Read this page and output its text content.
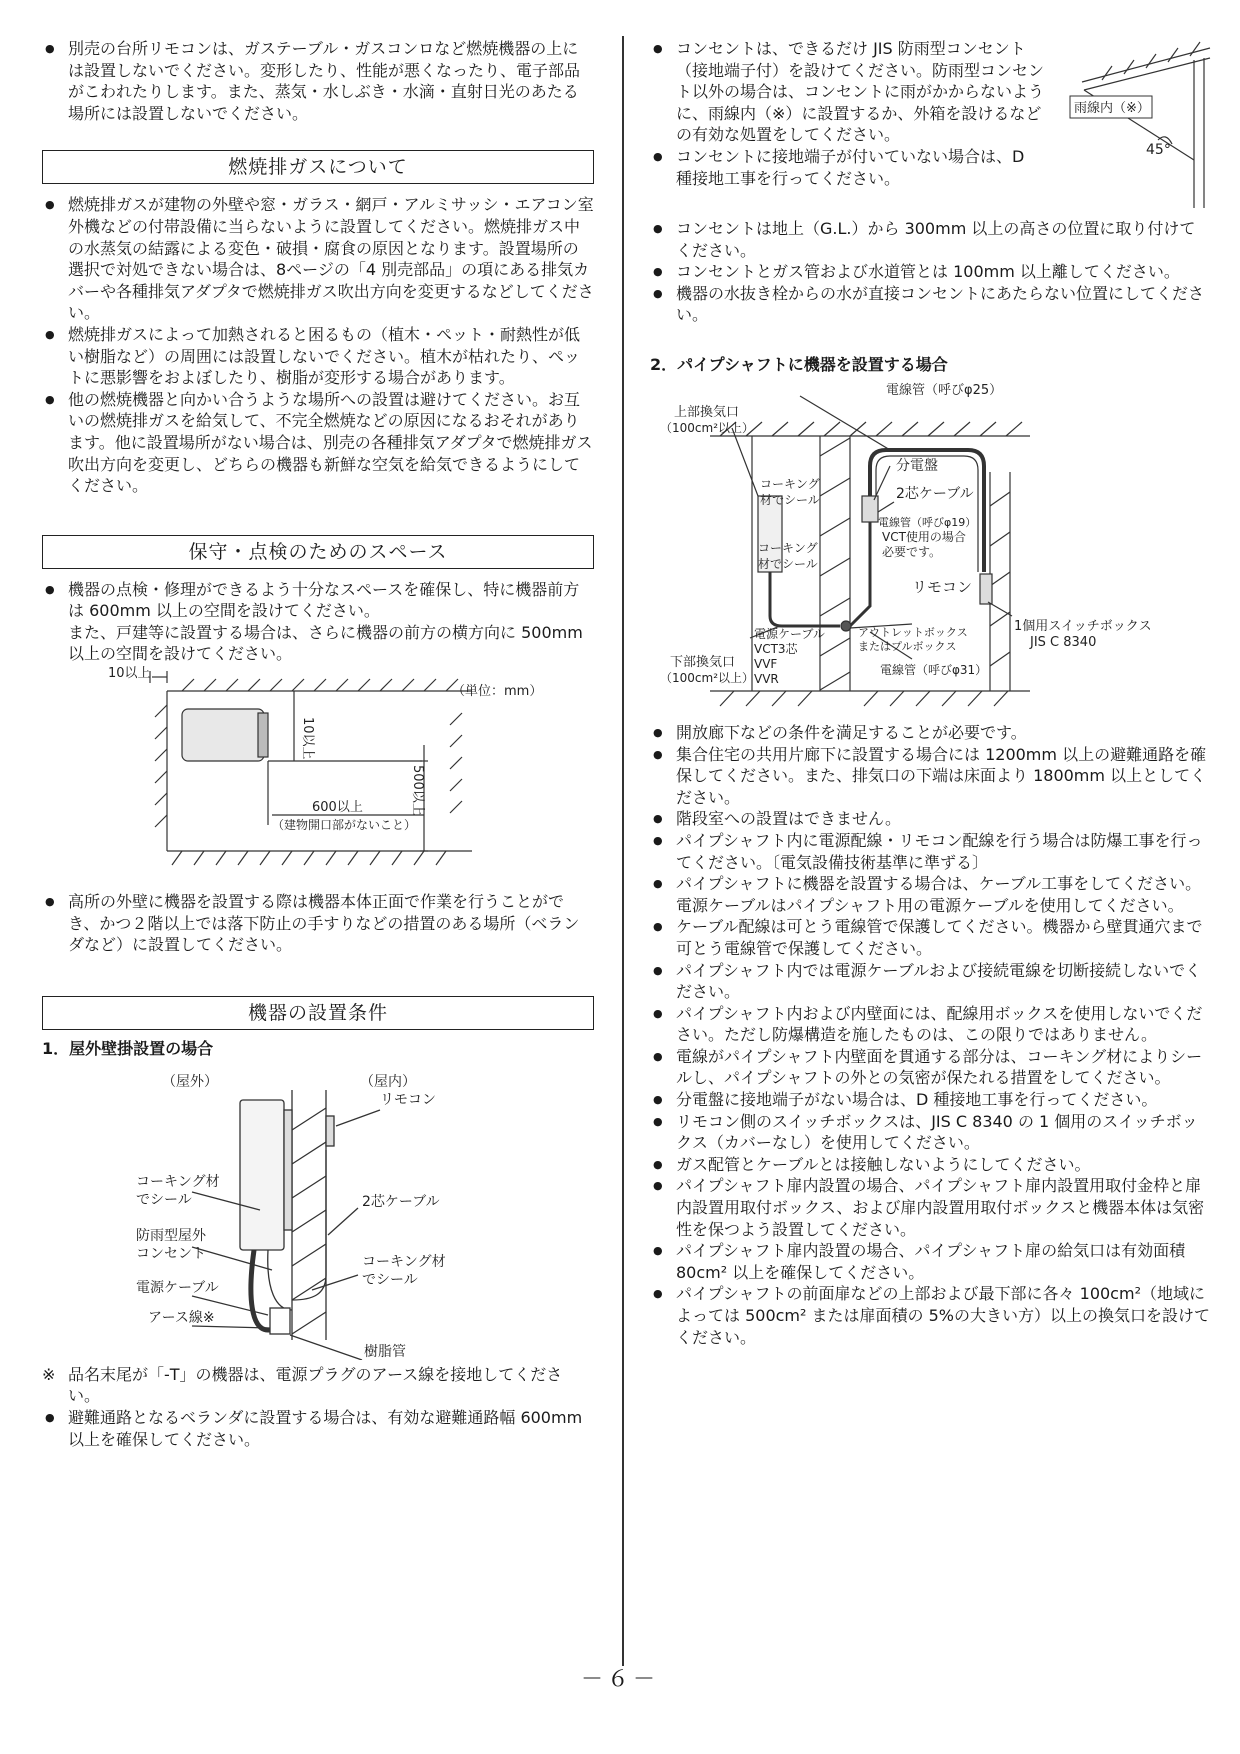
● 別売の台所リモコンは、ガステーブル・ガスコンロなど燃焼機器の上には設置しないでください。変形したり、性能が悪くなったり、電子部品がこわれたりします。また、蒸気・水しぶき・水滴・直射日光のあたる場所には設置しないでください。
燃焼排ガスについて
● 燃焼排ガスが建物の外壁や窓・ガラス・網戸・アルミサッシ・エアコン室外機などの付帯設備に当らないように設置してください。燃焼排ガス中の水蒸気の結露による変色・破損・腐食の原因となります。設置場所の選択で対処できない場合は、8ページの「4 別売部品」の項にある排気カバーや各種排気アダプタで燃焼排ガス吹出方向を変更するなどしてください。
● 燃焼排ガスによって加熱されると困るもの（植木・ペット・耐熱性が低い樹脂など）の周囲には設置しないでください。植木が枯れたり、ペットに悪影響をおよぼしたり、樹脂が変形する場合があります。
● 他の燃焼機器と向かい合うような場所への設置は避けてください。お互いの燃焼排ガスを給気して、不完全燃焼などの原因になるおそれがあります。他に設置場所がない場合は、別売の各種排気アダプタで燃焼排ガス吹出方向を変更し、どちらの機器も新鮮な空気を給気できるようにしてください。
保守・点検のためのスペース
● 機器の点検・修理ができるよう十分なスペースを確保し、特に機器前方は 600mm 以上の空間を設けてください。
また、戸建等に設置する場合は、さらに機器の前方の横方向に 500mm 以上の空間を設けてください。
10以上
（単位：mm）
10以上
500以上
600以上
（建物開口部がないこと）
● 高所の外壁に機器を設置する際は機器本体正面で作業を行うことができ、かつ２階以上では落下防止の手すりなどの措置のある場所（ベランダなど）に設置してください。
機器の設置条件
1．屋外壁掛設置の場合
（屋外）	（屋内）
リモコン
コーキング材
でシール	2芯ケーブル
防雨型屋外
コンセント	コーキング材
でシール
電源ケーブル
アース線※
樹脂管
※ 品名末尾が「-T」の機器は、電源プラグのアース線を接地してください。
● 避難通路となるベランダに設置する場合は、有効な避難通路幅 600mm 以上を確保してください。
● コンセントは、できるだけ JIS 防雨型コンセント（接地端子付）を設けてください。防雨型コンセント以外の場合は、コンセントに雨がかからないように、雨線内（※）に設置するか、外箱を設けるなどの有効な処置をしてください。
● コンセントに接地端子が付いていない場合は、D 種接地工事を行ってください。
雨線内（※）
45°
● コンセントは地上（G.L.）から 300mm 以上の高さの位置に取り付けてください。
● コンセントとガス管および水道管とは 100mm 以上離してください。
● 機器の水抜き栓からの水が直接コンセントにあたらない位置にしてください。
2．パイプシャフトに機器を設置する場合
電線管（呼びφ25）
上部換気口
（100cm²以上）
分電盤
コーキング
材でシール	2芯ケーブル
電線管（呼びφ19）
VCT使用の場合
必要です。
コーキング
材でシール
リモコン
電源ケーブル
VCT3芯
VVF
VVR
アウトレットボックス
またはプルボックス
1個用スイッチボックス
JIS C 8340
下部換気口
（100cm²以上）
電線管（呼びφ31）
● 開放廊下などの条件を満足することが必要です。
● 集合住宅の共用片廊下に設置する場合には 1200mm 以上の避難通路を確保してください。また、排気口の下端は床面より 1800mm 以上としてください。
● 階段室への設置はできません。
● パイプシャフト内に電源配線・リモコン配線を行う場合は防爆工事を行ってください。〔電気設備技術基準に準ずる〕
● パイプシャフトに機器を設置する場合は、ケーブル工事をしてください。電源ケーブルはパイプシャフト用の電源ケーブルを使用してください。
● ケーブル配線は可とう電線管で保護してください。機器から壁貫通穴まで可とう電線管で保護してください。
● パイプシャフト内では電源ケーブルおよび接続電線を切断接続しないでください。
● パイプシャフト内および内壁面には、配線用ボックスを使用しないでください。ただし防爆構造を施したものは、この限りではありません。
● 電線がパイプシャフト内壁面を貫通する部分は、コーキング材によりシールし、パイプシャフトの外との気密が保たれる措置をしてください。
● 分電盤に接地端子がない場合は、D 種接地工事を行ってください。
● リモコン側のスイッチボックスは、JIS C 8340 の 1 個用のスイッチボックス（カバーなし）を使用してください。
● ガス配管とケーブルとは接触しないようにしてください。
● パイプシャフト扉内設置の場合、パイプシャフト扉内設置用取付金枠と扉内設置用取付ボックス、および扉内設置用取付ボックスと機器本体は気密性を保つよう設置してください。
● パイプシャフト扉内設置の場合、パイプシャフト扉の給気口は有効面積 80cm² 以上を確保してください。
● パイプシャフトの前面扉などの上部および最下部に各々 100cm²（地域によっては 500cm² または扉面積の 5%の大きい方）以上の換気口を設けてください。
－６－
